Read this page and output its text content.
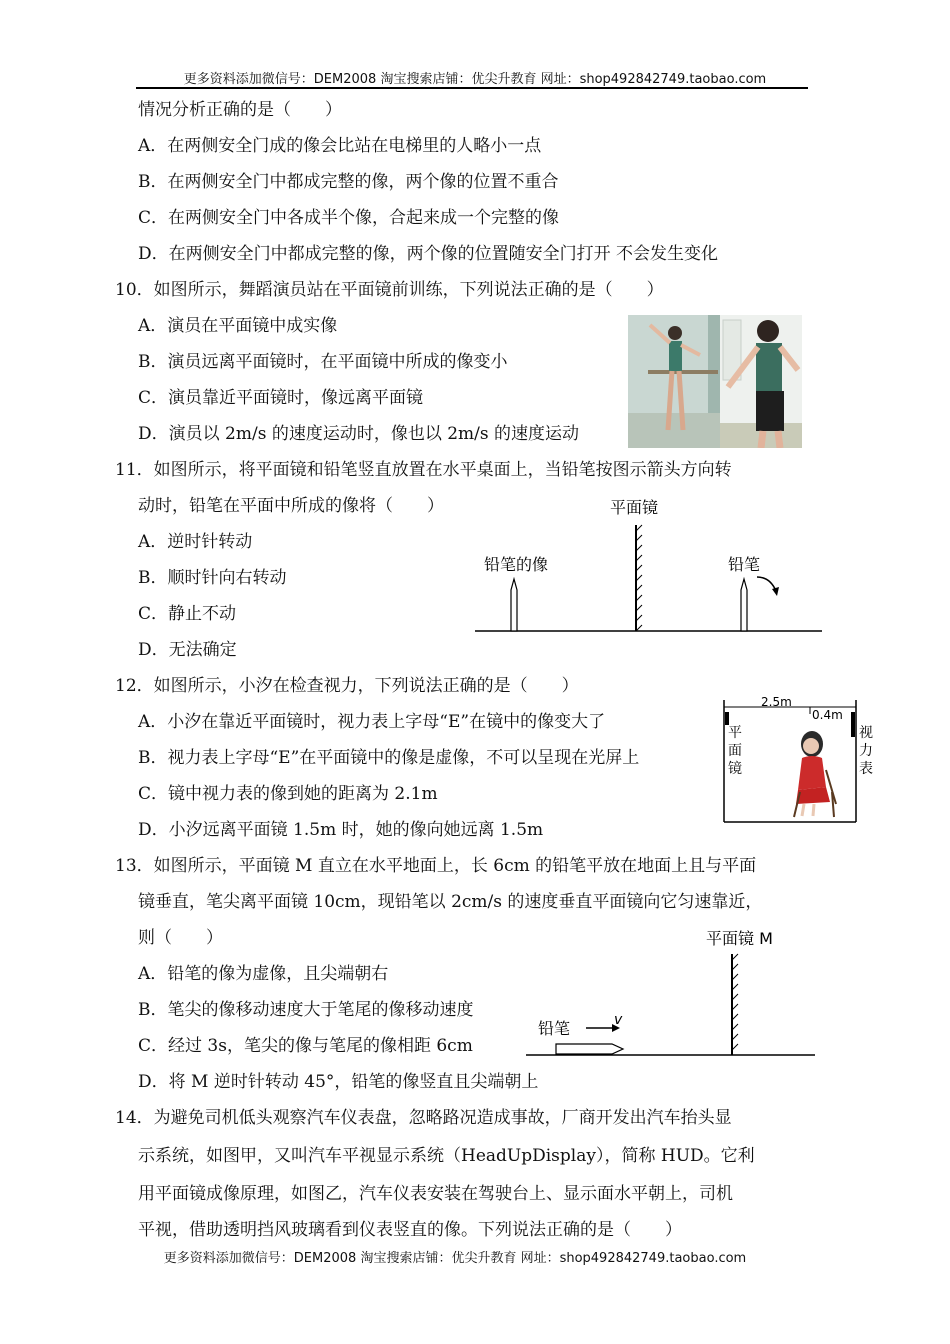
更多资料添加微信号：DEM2008 淘宝搜索店铺：优尖升教育 网址：shop492842749.taobao.com
情况分析正确的是（　　）
A．在两侧安全门成的像会比站在电梯里的人略小一点
B．在两侧安全门中都成完整的像，两个像的位置不重合
C．在两侧安全门中各成半个像，合起来成一个完整的像
D．在两侧安全门中都成完整的像，两个像的位置随安全门打开 不会发生变化
10．如图所示，舞蹈演员站在平面镜前训练，下列说法正确的是（　　）
A．演员在平面镜中成实像
B．演员远离平面镜时，在平面镜中所成的像变小
C．演员靠近平面镜时，像远离平面镜
D．演员以 2m/s 的速度运动时，像也以 2m/s 的速度运动
11．如图所示，将平面镜和铅笔竖直放置在水平桌面上，当铅笔按图示箭头方向转
动时，铅笔在平面中所成的像将（　　）
A．逆时针转动
B．顺时针向右转动
C．静止不动
D．无法确定
平面镜
铅笔的像	铅笔
12．如图所示，小汐在检查视力，下列说法正确的是（　　）
A．小汐在靠近平面镜时，视力表上字母“E”在镜中的像变大了
B．视力表上字母“E”在平面镜中的像是虚像，不可以呈现在光屏上
C．镜中视力表的像到她的距离为 2.1m
D．小汐远离平面镜 1.5m 时，她的像向她远离 1.5m
2.5m
0.4m
平
面
镜
视
力
表
13．如图所示，平面镜 M 直立在水平地面上，长 6cm 的铅笔平放在地面上且与平面
镜垂直，笔尖离平面镜 10cm，现铅笔以 2cm/s 的速度垂直平面镜向它匀速靠近，
则（　　）
A．铅笔的像为虚像，且尖端朝右
B．笔尖的像移动速度大于笔尾的像移动速度
C．经过 3s，笔尖的像与笔尾的像相距 6cm
D．将 M 逆时针转动 45°，铅笔的像竖直且尖端朝上
平面镜 M
铅笔	v
14．为避免司机低头观察汽车仪表盘，忽略路况造成事故，厂商开发出汽车抬头显
示系统，如图甲，又叫汽车平视显示系统（HeadUpDisplay），简称 HUD。它利
用平面镜成像原理，如图乙，汽车仪表安装在驾驶台上、显示面水平朝上，司机
平视，借助透明挡风玻璃看到仪表竖直的像。下列说法正确的是（　　）
更多资料添加微信号：DEM2008 淘宝搜索店铺：优尖升教育 网址：shop492842749.taobao.com
